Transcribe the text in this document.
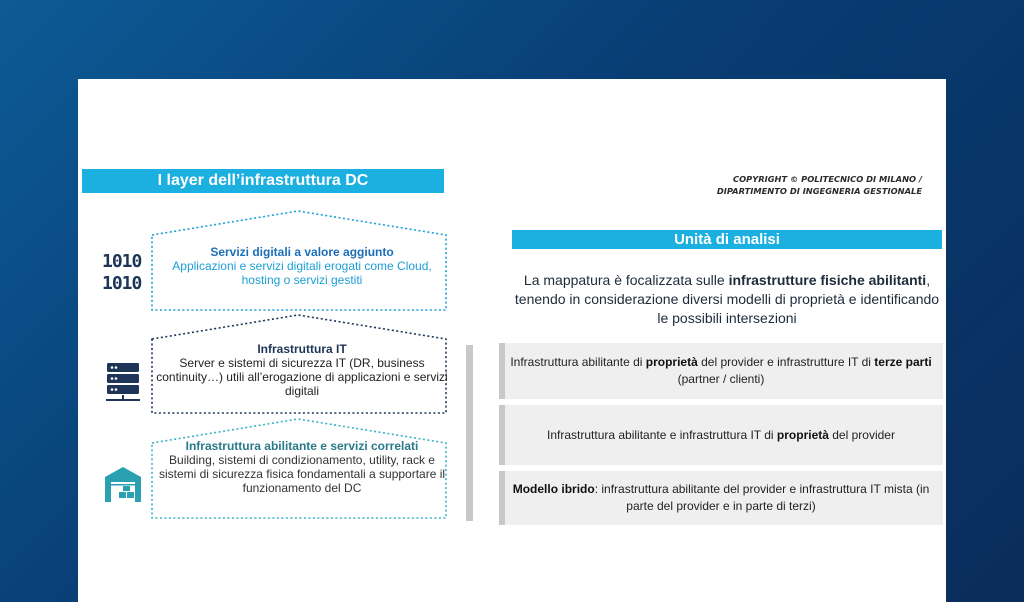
I layer dell’infrastruttura DC	COPYRIGHT © POLITECNICO DI MILANO /
DIPARTIMENTO DI INGEGNERIA GESTIONALE
Servizi digitali a valore aggiunto
Applicazioni e servizi digitali erogati come Cloud, hosting o servizi gestiti
Infrastruttura IT
Server e sistemi di sicurezza IT (DR, business continuity…) utili all’erogazione di applicazioni e servizi digitali
Infrastruttura abilitante e servizi correlati
Building, sistemi di condizionamento, utility, rack e sistemi di sicurezza fisica fondamentali a supportare il funzionamento del DC
1010
1010
Unità di analisi
La mappatura è focalizzata sulle infrastrutture fisiche abilitanti, tenendo in considerazione diversi modelli di proprietà e identificando le possibili intersezioni
Infrastruttura abilitante di proprietà del provider e infrastrutture IT di terze parti (partner / clienti)
Infrastruttura abilitante e infrastruttura IT di proprietà del provider
Modello ibrido: infrastruttura abilitante del provider e infrastruttura IT mista (in parte del provider e in parte di terzi)
